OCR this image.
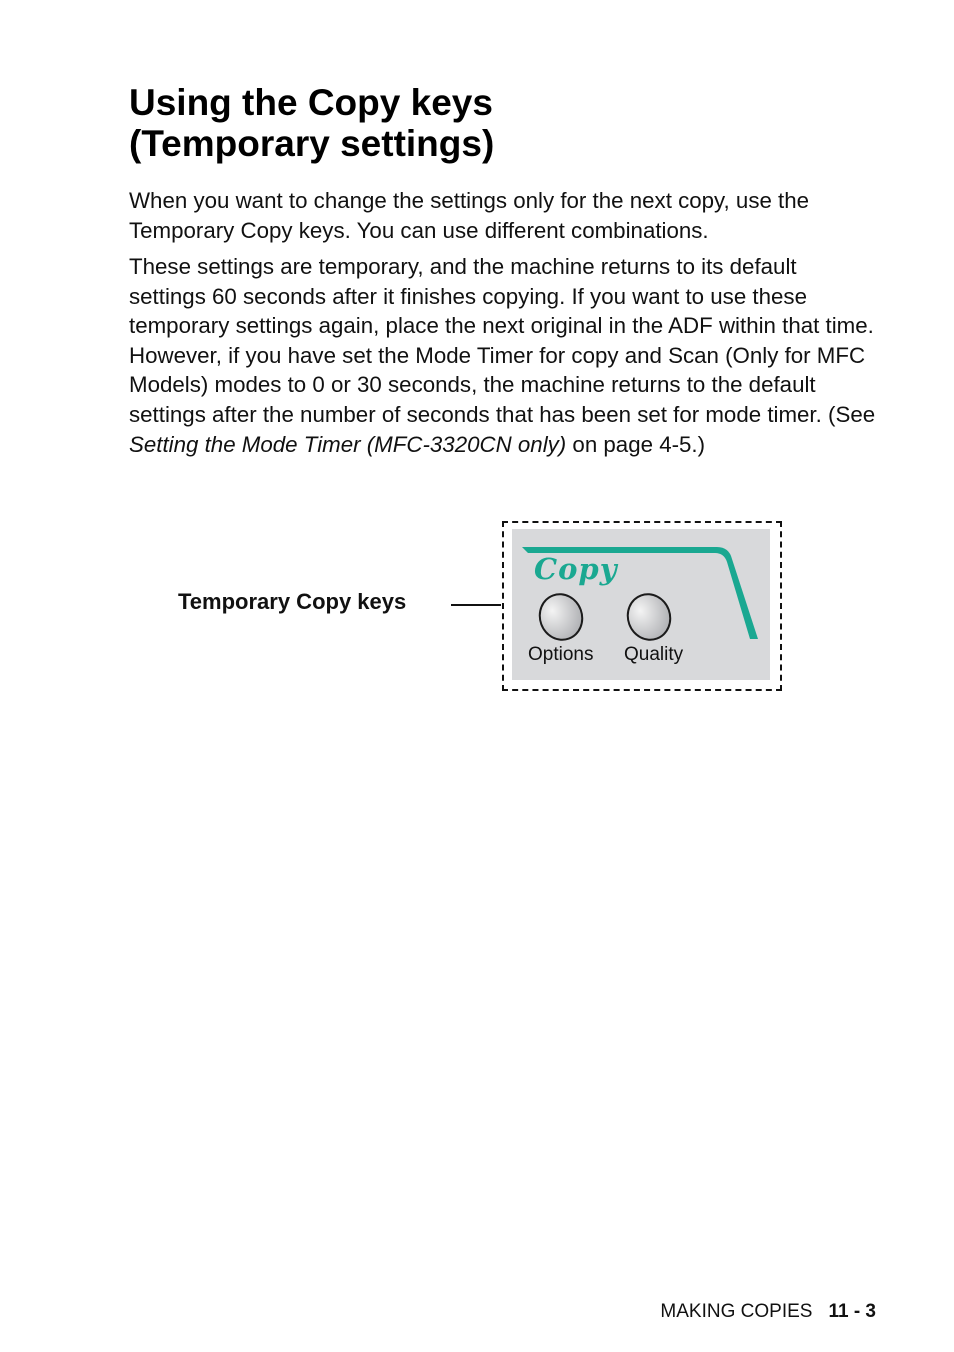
Using the Copy keys
(Temporary settings)

When you want to change the settings only for the next copy, use the Temporary Copy keys. You can use different combinations.

These settings are temporary, and the machine returns to its default settings 60 seconds after it finishes copying. If you want to use these temporary settings again, place the next original in the ADF within that time. However, if you have set the Mode Timer for copy and Scan (Only for MFC Models) modes to 0 or 30 seconds, the machine returns to the default settings after the number of seconds that has been set for mode timer. (See Setting the Mode Timer (MFC-3320CN only) on page 4-5.)

Temporary Copy keys
Copy
Options Quality
MAKING COPIES 11 - 3
